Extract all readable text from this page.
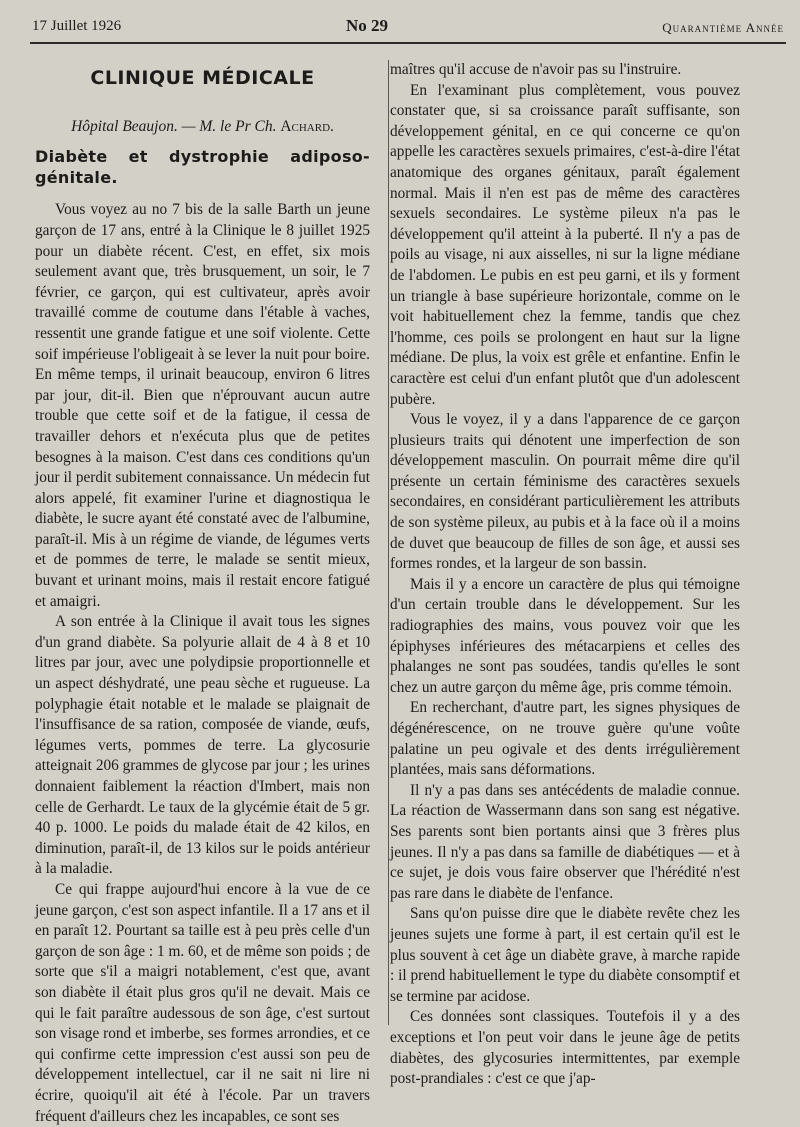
17 Juillet 1926	No 29	Quarantième Année
CLINIQUE MÉDICALE
Hôpital Beaujon. — M. le Pr Ch. Achard.
Diabète et dystrophie adiposo-génitale.

Vous voyez au no 7 bis de la salle Barth un jeune garçon de 17 ans, entré à la Clinique le 8 juillet 1925 pour un diabète récent. C'est, en effet, six mois seulement avant que, très brusquement, un soir, le 7 février, ce garçon, qui est cultivateur, après avoir travaillé comme de coutume dans l'étable à vaches, ressentit une grande fatigue et une soif violente. Cette soif impérieuse l'obligeait à se lever la nuit pour boire. En même temps, il urinait beaucoup, environ 6 litres par jour, dit-il. Bien que n'éprouvant aucun autre trouble que cette soif et de la fatigue, il cessa de travailler dehors et n'exécuta plus que de petites besognes à la maison. C'est dans ces conditions qu'un jour il perdit subitement connaissance. Un médecin fut alors appelé, fit examiner l'urine et diagnostiqua le diabète, le sucre ayant été constaté avec de l'albumine, paraît-il. Mis à un régime de viande, de légumes verts et de pommes de terre, le malade se sentit mieux, buvant et urinant moins, mais il restait encore fatigué et amaigri.

A son entrée à la Clinique il avait tous les signes d'un grand diabète. Sa polyurie allait de 4 à 8 et 10 litres par jour, avec une polydipsie proportionnelle et un aspect déshydraté, une peau sèche et rugueuse. La polyphagie était notable et le malade se plaignait de l'insuffisance de sa ration, composée de viande, œufs, légumes verts, pommes de terre. La glycosurie atteignait 206 grammes de glycose par jour ; les urines donnaient faiblement la réaction d'Imbert, mais non celle de Gerhardt. Le taux de la glycémie était de 5 gr. 40 p. 1000. Le poids du malade était de 42 kilos, en diminution, paraît-il, de 13 kilos sur le poids antérieur à la maladie.

Ce qui frappe aujourd'hui encore à la vue de ce jeune garçon, c'est son aspect infantile. Il a 17 ans et il en paraît 12. Pourtant sa taille est à peu près celle d'un garçon de son âge : 1 m. 60, et de même son poids ; de sorte que s'il a maigri notablement, c'est que, avant son diabète il était plus gros qu'il ne devait. Mais ce qui le fait paraître audessous de son âge, c'est surtout son visage rond et imberbe, ses formes arrondies, et ce qui confirme cette impression c'est aussi son peu de développement intellectuel, car il ne sait ni lire ni écrire, quoiqu'il ait été à l'école. Par un travers fréquent d'ailleurs chez les incapables, ce sont ses

maîtres qu'il accuse de n'avoir pas su l'instruire.

En l'examinant plus complètement, vous pouvez constater que, si sa croissance paraît suffisante, son développement génital, en ce qui concerne ce qu'on appelle les caractères sexuels primaires, c'est-à-dire l'état anatomique des organes génitaux, paraît également normal. Mais il n'en est pas de même des caractères sexuels secondaires. Le système pileux n'a pas le développement qu'il atteint à la puberté. Il n'y a pas de poils au visage, ni aux aisselles, ni sur la ligne médiane de l'abdomen. Le pubis en est peu garni, et ils y forment un triangle à base supérieure horizontale, comme on le voit habituellement chez la femme, tandis que chez l'homme, ces poils se prolongent en haut sur la ligne médiane. De plus, la voix est grêle et enfantine. Enfin le caractère est celui d'un enfant plutôt que d'un adolescent pubère.

Vous le voyez, il y a dans l'apparence de ce garçon plusieurs traits qui dénotent une imperfection de son développement masculin. On pourrait même dire qu'il présente un certain féminisme des caractères sexuels secondaires, en considérant particulièrement les attributs de son système pileux, au pubis et à la face où il a moins de duvet que beaucoup de filles de son âge, et aussi ses formes rondes, et la largeur de son bassin.

Mais il y a encore un caractère de plus qui témoigne d'un certain trouble dans le développement. Sur les radiographies des mains, vous pouvez voir que les épiphyses inférieures des métacarpiens et celles des phalanges ne sont pas soudées, tandis qu'elles le sont chez un autre garçon du même âge, pris comme témoin.

En recherchant, d'autre part, les signes physiques de dégénérescence, on ne trouve guère qu'une voûte palatine un peu ogivale et des dents irrégulièrement plantées, mais sans déformations.

Il n'y a pas dans ses antécédents de maladie connue. La réaction de Wassermann dans son sang est négative. Ses parents sont bien portants ainsi que 3 frères plus jeunes. Il n'y a pas dans sa famille de diabétiques — et à ce sujet, je dois vous faire observer que l'hérédité n'est pas rare dans le diabète de l'enfance.

Sans qu'on puisse dire que le diabète revête chez les jeunes sujets une forme à part, il est certain qu'il est le plus souvent à cet âge un diabète grave, à marche rapide : il prend habituellement le type du diabète consomptif et se termine par acidose.

Ces données sont classiques. Toutefois il y a des exceptions et l'on peut voir dans le jeune âge de petits diabètes, des glycosuries intermittentes, par exemple post-prandiales : c'est ce que j'ap-
